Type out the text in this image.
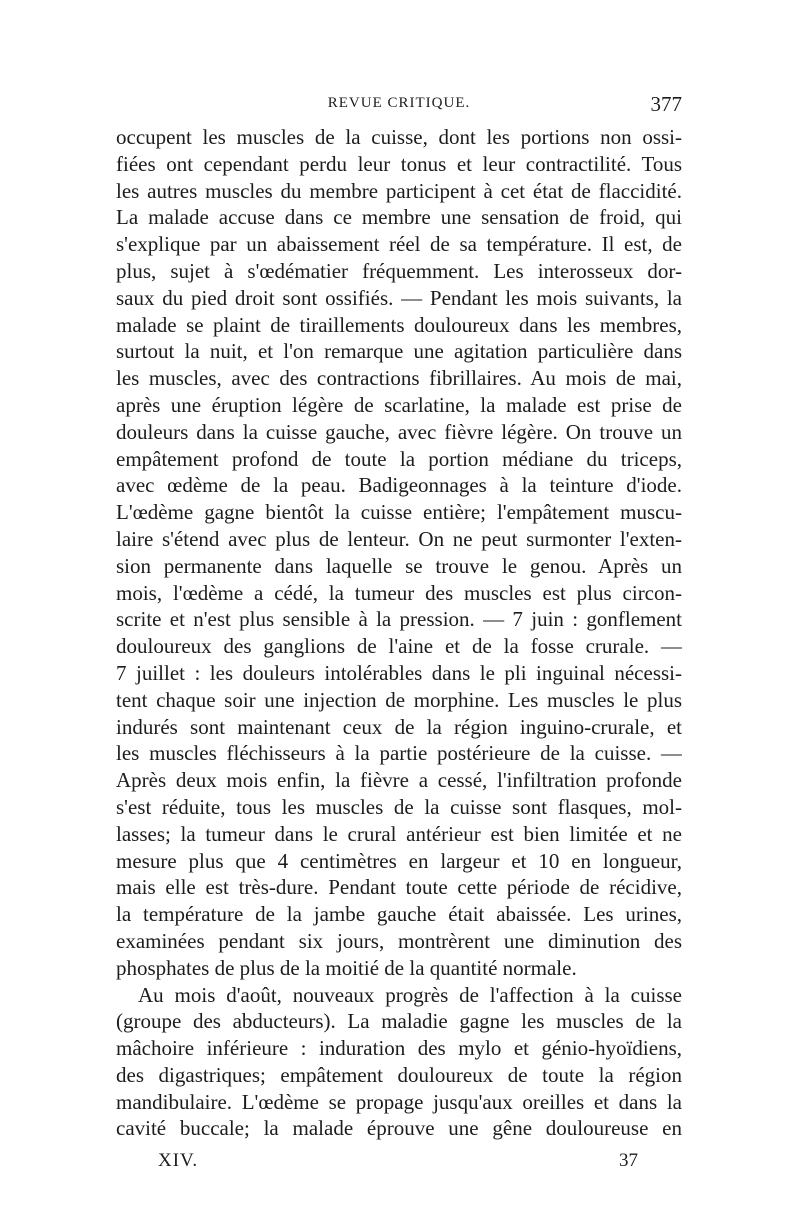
REVUE CRITIQUE.	377
occupent les muscles de la cuisse, dont les portions non ossi-
fiées ont cependant perdu leur tonus et leur contractilité. Tous
les autres muscles du membre participent à cet état de flaccidité.
La malade accuse dans ce membre une sensation de froid, qui
s'explique par un abaissement réel de sa température. Il est, de
plus, sujet à s'œdématier fréquemment. Les interosseux dor-
saux du pied droit sont ossifiés. — Pendant les mois suivants, la
malade se plaint de tiraillements douloureux dans les membres,
surtout la nuit, et l'on remarque une agitation particulière dans
les muscles, avec des contractions fibrillaires. Au mois de mai,
après une éruption légère de scarlatine, la malade est prise de
douleurs dans la cuisse gauche, avec fièvre légère. On trouve un
empâtement profond de toute la portion médiane du triceps,
avec œdème de la peau. Badigeonnages à la teinture d'iode.
L'œdème gagne bientôt la cuisse entière; l'empâtement muscu-
laire s'étend avec plus de lenteur. On ne peut surmonter l'exten-
sion permanente dans laquelle se trouve le genou. Après un
mois, l'œdème a cédé, la tumeur des muscles est plus circon-
scrite et n'est plus sensible à la pression. — 7 juin : gonflement
douloureux des ganglions de l'aine et de la fosse crurale. —
7 juillet : les douleurs intolérables dans le pli inguinal nécessi-
tent chaque soir une injection de morphine. Les muscles le plus
indurés sont maintenant ceux de la région inguino-crurale, et
les muscles fléchisseurs à la partie postérieure de la cuisse. —
Après deux mois enfin, la fièvre a cessé, l'infiltration profonde
s'est réduite, tous les muscles de la cuisse sont flasques, mol-
lasses; la tumeur dans le crural antérieur est bien limitée et ne
mesure plus que 4 centimètres en largeur et 10 en longueur,
mais elle est très-dure. Pendant toute cette période de récidive,
la température de la jambe gauche était abaissée. Les urines,
examinées pendant six jours, montrèrent une diminution des
phosphates de plus de la moitié de la quantité normale.
Au mois d'août, nouveaux progrès de l'affection à la cuisse
(groupe des abducteurs). La maladie gagne les muscles de la
mâchoire inférieure : induration des mylo et génio-hyoïdiens,
des digastriques; empâtement douloureux de toute la région
mandibulaire. L'œdème se propage jusqu'aux oreilles et dans la
cavité buccale; la malade éprouve une gêne douloureuse en
XIV.	37
